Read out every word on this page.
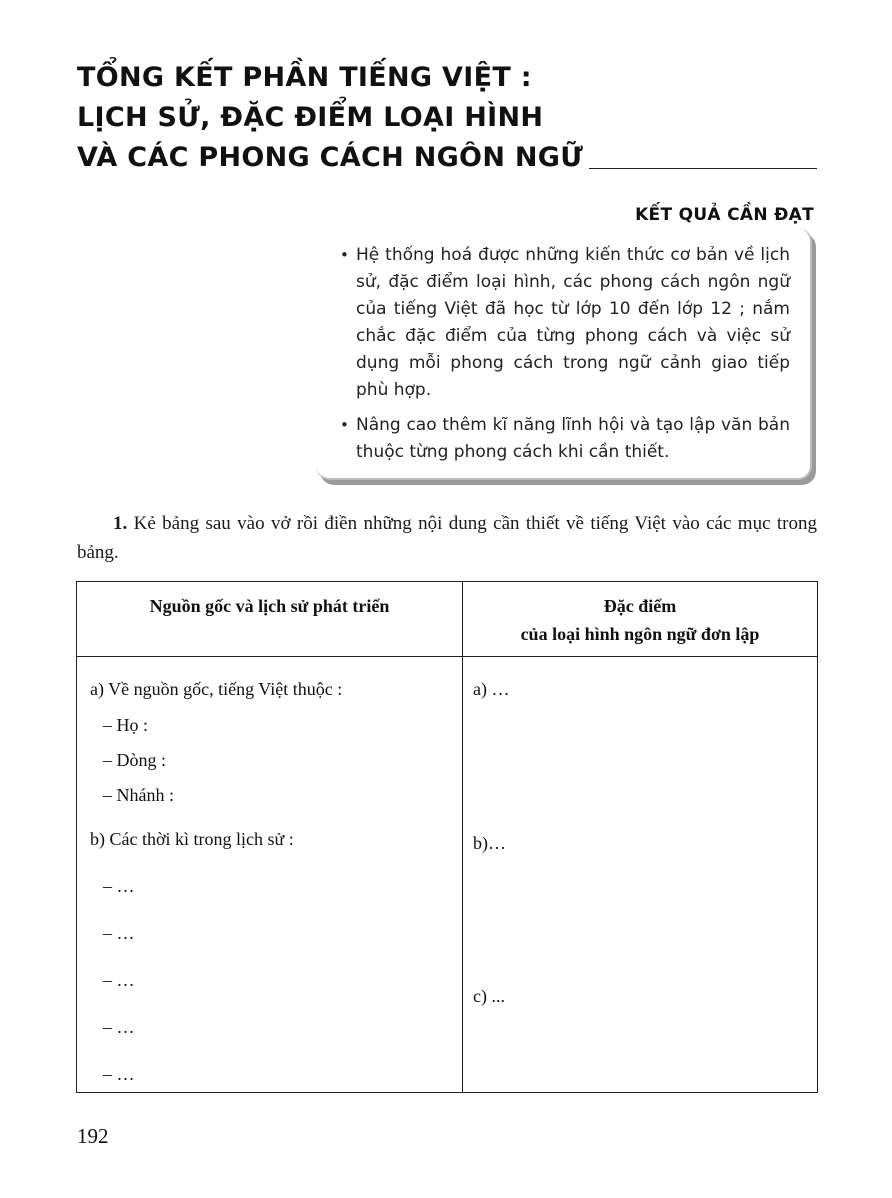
TỔNG KẾT PHẦN TIẾNG VIỆT :
LỊCH SỬ, ĐẶC ĐIỂM LOẠI HÌNH
VÀ CÁC PHONG CÁCH NGÔN NGỮ
KẾT QUẢ CẦN ĐẠT
• Hệ thống hoá được những kiến thức cơ bản về lịch sử, đặc điểm loại hình, các phong cách ngôn ngữ của tiếng Việt đã học từ lớp 10 đến lớp 12 ; nắm chắc đặc điểm của từng phong cách và việc sử dụng mỗi phong cách trong ngữ cảnh giao tiếp phù hợp.
• Nâng cao thêm kĩ năng lĩnh hội và tạo lập văn bản thuộc từng phong cách khi cần thiết.
1. Kẻ bảng sau vào vở rồi điền những nội dung cần thiết về tiếng Việt vào các mục trong bảng.
Nguồn gốc và lịch sử phát triển	Đặc điểm
của loại hình ngôn ngữ đơn lập
a) Về nguồn gốc, tiếng Việt thuộc :
– Họ :
– Dòng :
– Nhánh :
b) Các thời kì trong lịch sử :
– …
– …
– …
– …
– …
a) …
b)…
c) ...
192
